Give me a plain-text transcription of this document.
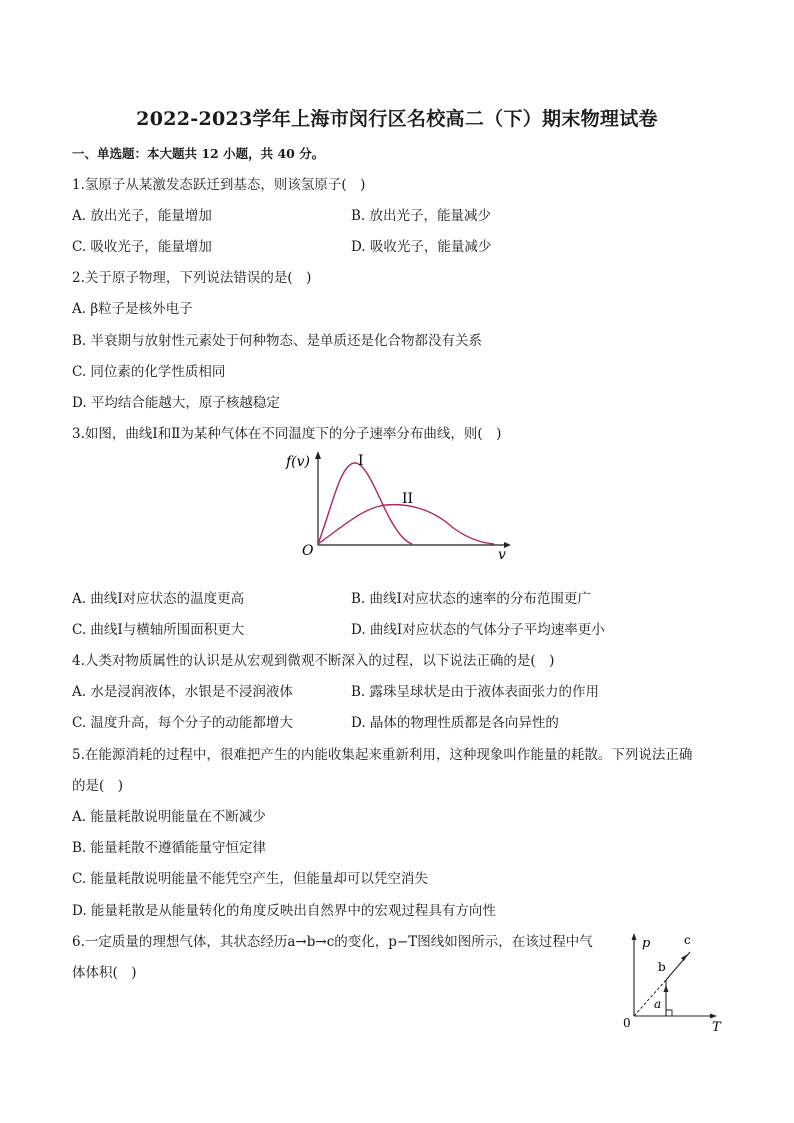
2022-2023学年上海市闵行区名校高二（下）期末物理试卷
一、单选题：本大题共 12 小题，共 40 分。
1.氢原子从某激发态跃迁到基态，则该氢原子(　)
A. 放出光子，能量增加	B. 放出光子，能量减少
C. 吸收光子，能量增加	D. 吸收光子，能量减少
2.关于原子物理，下列说法错误的是(　)
A. β粒子是核外电子
B. 半衰期与放射性元素处于何种物态、是单质还是化合物都没有关系
C. 同位素的化学性质相同
D. 平均结合能越大，原子核越稳定
3.如图，曲线Ⅰ和Ⅱ为某种气体在不同温度下的分子速率分布曲线，则(　)
f(v)	I
II
O	v
A. 曲线Ⅰ对应状态的温度更高	B. 曲线Ⅰ对应状态的速率的分布范围更广
C. 曲线Ⅰ与横轴所围面积更大	D. 曲线Ⅰ对应状态的气体分子平均速率更小
4.人类对物质属性的认识是从宏观到微观不断深入的过程，以下说法正确的是(　)
A. 水是浸润液体，水银是不浸润液体	B. 露珠呈球状是由于液体表面张力的作用
C. 温度升高，每个分子的动能都增大	D. 晶体的物理性质都是各向异性的
5.在能源消耗的过程中，很难把产生的内能收集起来重新利用，这种现象叫作能量的耗散。下列说法正确
的是(　)
A. 能量耗散说明能量在不断减少
B. 能量耗散不遵循能量守恒定律
C. 能量耗散说明能量不能凭空产生，但能量却可以凭空消失
D. 能量耗散是从能量转化的角度反映出自然界中的宏观过程具有方向性
6.一定质量的理想气体，其状态经历a→b→c的变化，p−T图线如图所示，在该过程中气
体体积(　)
p
T
0
a
b
c
